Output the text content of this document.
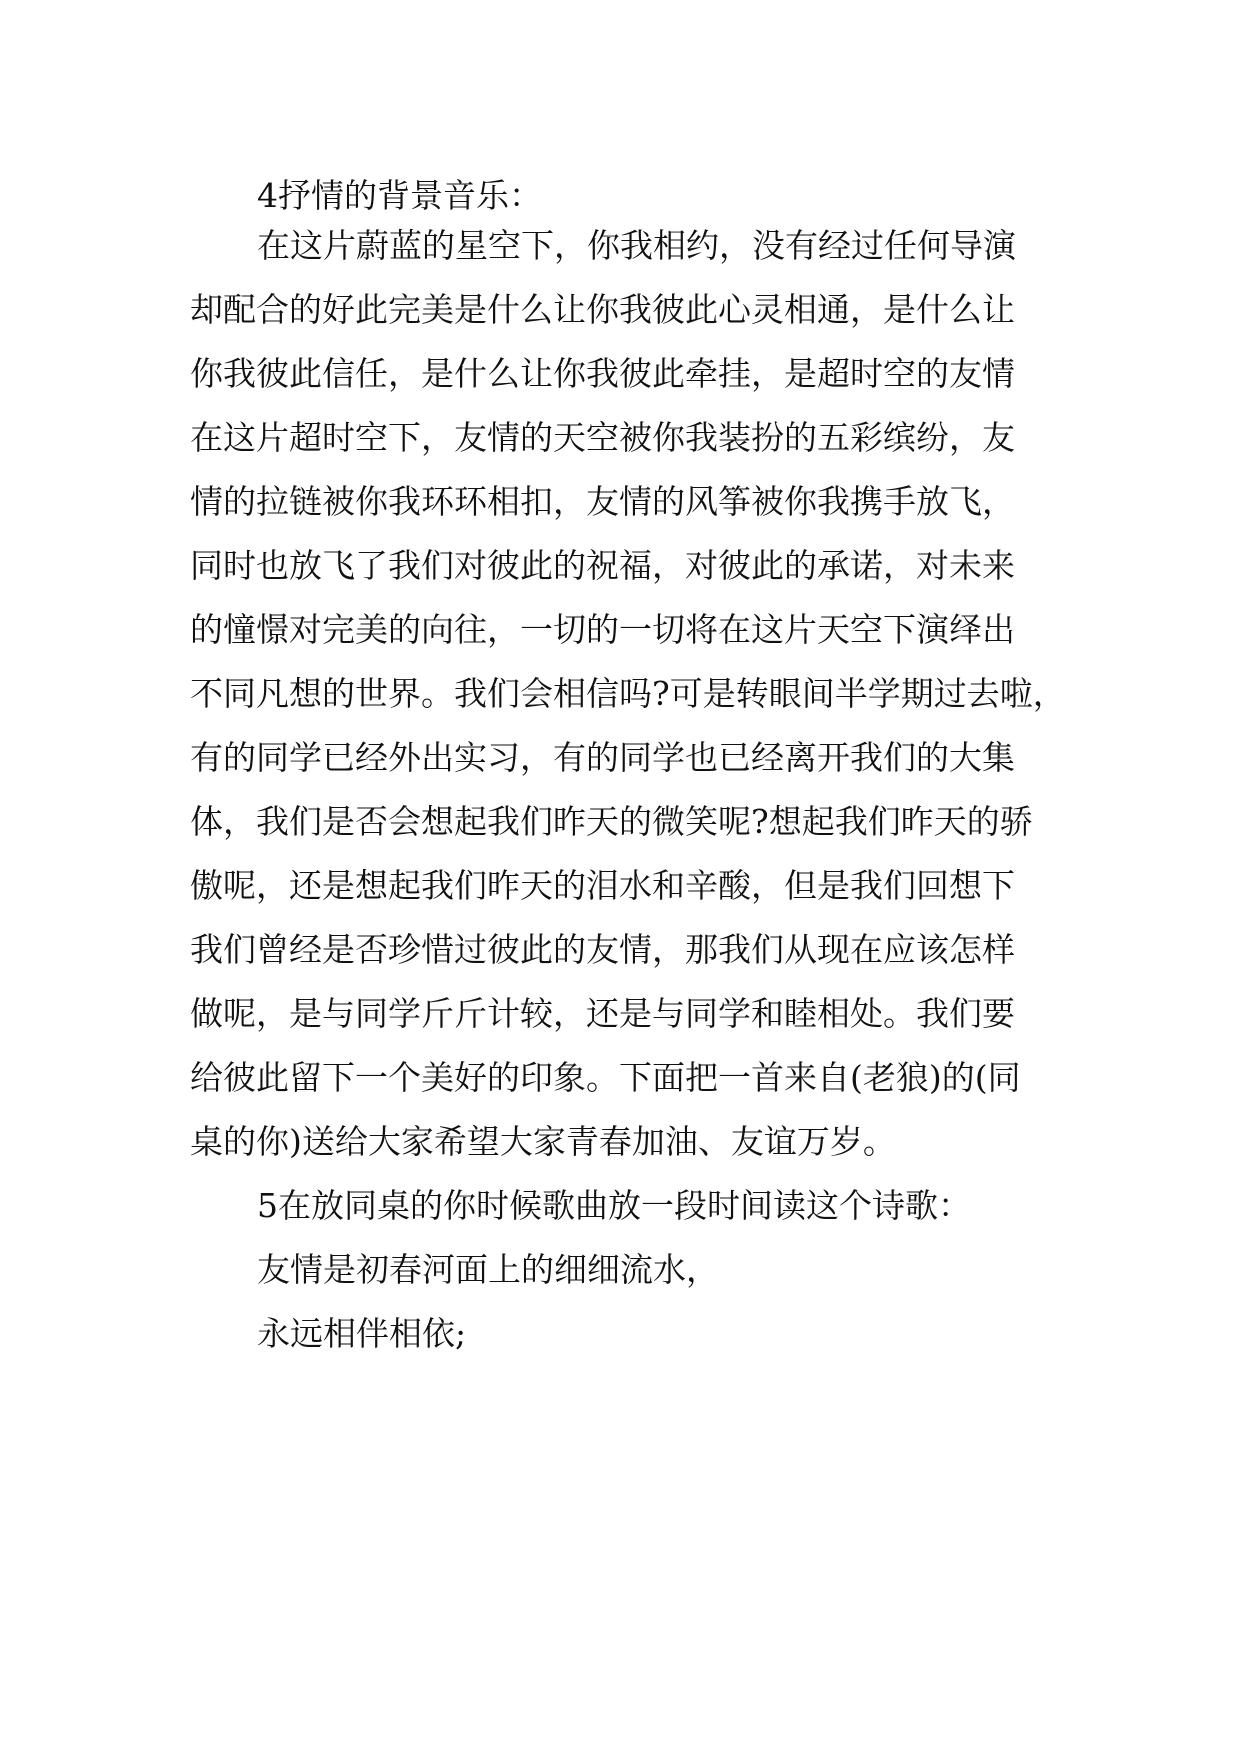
4抒情的背景音乐：
在这片蔚蓝的星空下，你我相约，没有经过任何导演
却配合的好此完美是什么让你我彼此心灵相通，是什么让
你我彼此信任，是什么让你我彼此牵挂，是超时空的友情
在这片超时空下，友情的天空被你我装扮的五彩缤纷，友
情的拉链被你我环环相扣，友情的风筝被你我携手放飞，
同时也放飞了我们对彼此的祝福，对彼此的承诺，对未来
的憧憬对完美的向往，一切的一切将在这片天空下演绎出
不同凡想的世界。我们会相信吗?可是转眼间半学期过去啦，
有的同学已经外出实习，有的同学也已经离开我们的大集
体，我们是否会想起我们昨天的微笑呢?想起我们昨天的骄
傲呢，还是想起我们昨天的泪水和辛酸，但是我们回想下
我们曾经是否珍惜过彼此的友情，那我们从现在应该怎样
做呢，是与同学斤斤计较，还是与同学和睦相处。我们要
给彼此留下一个美好的印象。下面把一首来自(老狼)的(同
桌的你)送给大家希望大家青春加油、友谊万岁。
5在放同桌的你时候歌曲放一段时间读这个诗歌：
友情是初春河面上的细细流水，
永远相伴相依;
